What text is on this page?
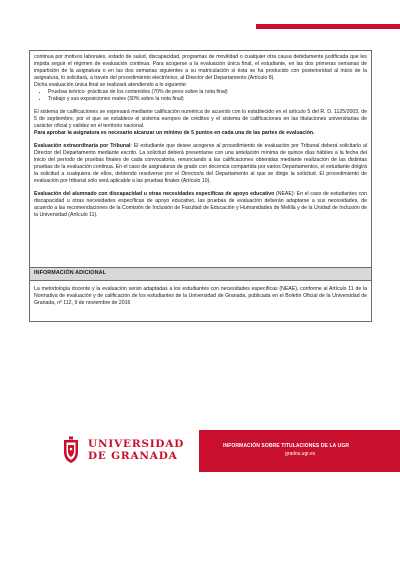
continua por motivos laborales, estado de salud, discapacidad, programas de movilidad o cualquier otra causa debidamente justificada que les impida seguir el régimen de evaluación continua. Para acogerse a la evaluación única final, el estudiante, en las dos primeras semanas de impartición de la asignatura o en las dos semanas siguientes a su matriculación si ésta se ha producido con posterioridad al inicio de la asignatura, lo solicitará, a través del procedimiento electrónico, al Director del Departamento (Artículo 8).

Dicha evaluación única final se realizará atendiendo a lo siguiente:

• Pruebas teórico- prácticas de los contenidos (70% de peso sobre la nota final)
• Trabajo y sus exposiciones orales (30% sobre la nota final)

El sistema de calificaciones se expresará mediante calificación numérica de acuerdo con lo establecido en el artículo 5 del R. D. 1125/2003, de 5 de septiembre, por el que se establece el sistema europeo de créditos y el sistema de calificaciones en las titulaciones universitarias de carácter oficial y validez en el territorio nacional.

Para aprobar la asignatura es necesario alcanzar un mínimo de 5 puntos en cada una de las partes de evaluación.

Evaluación extraordinaria por Tribunal: El estudiante que desee acogerse al procedimiento de evaluación por Tribunal deberá solicitarlo al Director del Departamento mediante escrito. La solicitud deberá presentarse con una antelación mínima de quince días hábiles a la fecha del inicio del período de pruebas finales de cada convocatoria, renunciando a las calificaciones obtenidas mediante realización de las distintas pruebas de la evaluación continua. En el caso de asignaturas de grado con docencia compartida por varios Departamentos, el estudiante dirigirá la solicitud a cualquiera de ellos, debiendo resolverse por el Director/a del Departamento al que se dirige la solicitud. El procedimiento de evaluación por tribunal sólo será aplicable a las pruebas finales (Artículo 10).

Evaluación del alumnado con discapacidad u otras necesidades específicas de apoyo educativo (NEAE): En el caso de estudiantes con discapacidad u otras necesidades específicas de apoyo educativo, las pruebas de evaluación deberán adaptarse a sus necesidades, de acuerdo a las recomendaciones de la Comisión de Inclusión de Facultad de Educación y Humanidades de Melilla y de la Unidad de Inclusión de la Universidad (Artículo 11).

INFORMACIÓN ADICIONAL

La metodología docente y la evaluación serán adaptadas a los estudiantes con necesidades específicas (NEAE), conforme al Artículo 11 de la Normativa de evaluación y de calificación de los estudiantes de la Universidad de Granada, publicada en el Boletín Oficial de la Universidad de Granada, nº 112, 9 de noviembre de 2016

UNIVERSIDAD
DE GRANADA
INFORMACIÓN SOBRE TITULACIONES DE LA UGR
grados.ugr.es
